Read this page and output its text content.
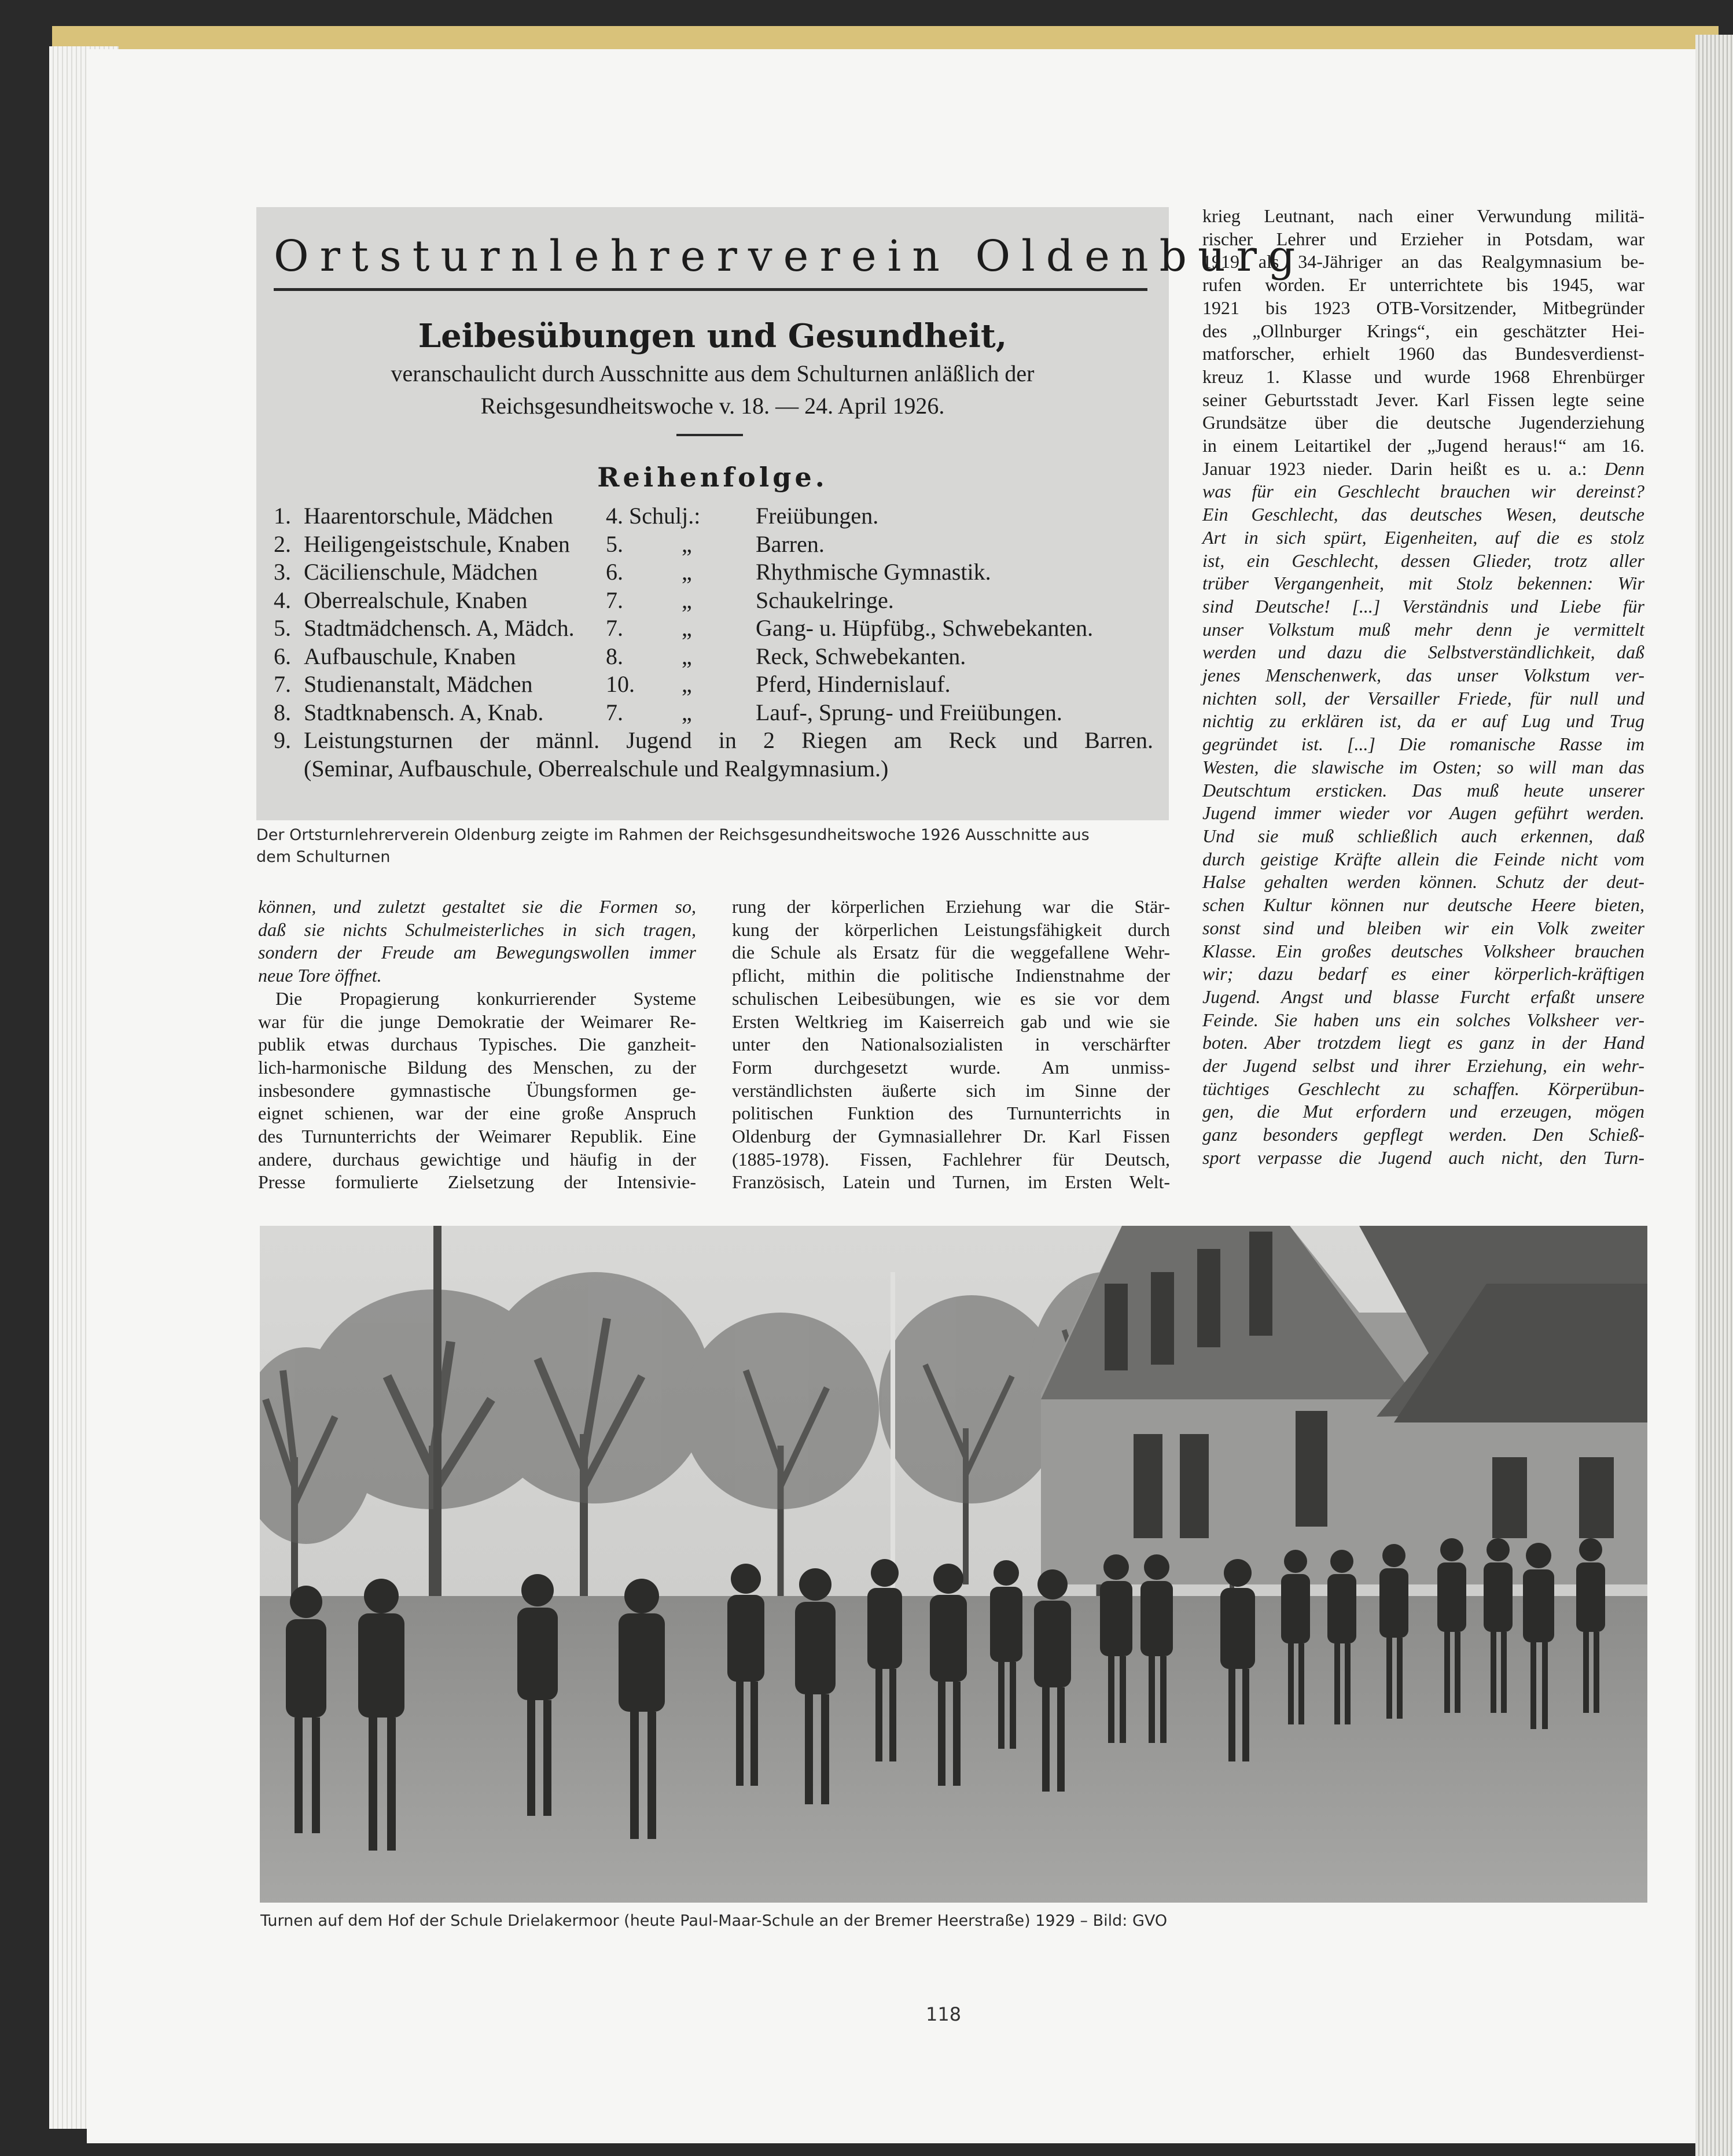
Ortsturnlehrerverein Oldenburg
Leibesübungen und Gesundheit,
veranschaulicht durch Ausschnitte aus dem Schulturnen anläßlich der
Reichsgesundheitswoche v. 18. — 24. April 1926.
Reihenfolge.
1. Haarentorschule, Mädchen 4. Schulj.: Freiübungen.
2. Heiligengeistschule, Knaben 5.	„	Barren.
3. Cäcilienschule, Mädchen	6.	„	Rhythmische Gymnastik.
4. Oberrealschule, Knaben	7.	„	Schaukelringe.
5. Stadtmädchensch. A, Mädch. 7.	„	Gang- u. Hüpfübg., Schwebekanten.
6. Aufbauschule, Knaben	8.	„	Reck, Schwebekanten.
7. Studienanstalt, Mädchen	10. „	Pferd, Hindernislauf.
8. Stadtknabensch. A, Knab.	7.	„	Lauf-, Sprung- und Freiübungen.
9. Leistungsturnen der männl. Jugend in 2 Riegen am Reck und Barren.
(Seminar, Aufbauschule, Oberrealschule und Realgymnasium.)
Der Ortsturnlehrerverein Oldenburg zeigte im Rahmen der Reichsgesundheitswoche 1926 Ausschnitte aus
dem Schulturnen

können, und zuletzt gestaltet sie die Formen so,

daß sie nichts Schulmeisterliches in sich tragen,

sondern der Freude am Bewegungswollen immer

neue Tore öffnet.

Die Propagierung konkurrierender Systeme

war für die junge Demokratie der Weimarer Re-

publik etwas durchaus Typisches. Die ganzheit-

lich-harmonische Bildung des Menschen, zu der

insbesondere gymnastische Übungsformen ge-

eignet schienen, war der eine große Anspruch

des Turnunterrichts der Weimarer Republik. Eine

andere, durchaus gewichtige und häufig in der

Presse formulierte Zielsetzung der Intensivie-

rung der körperlichen Erziehung war die Stär-

kung der körperlichen Leistungsfähigkeit durch

die Schule als Ersatz für die weggefallene Wehr-

pflicht, mithin die politische Indienstnahme der

schulischen Leibesübungen, wie es sie vor dem

Ersten Weltkrieg im Kaiserreich gab und wie sie

unter den Nationalsozialisten in verschärfter

Form durchgesetzt wurde. Am unmiss-

verständlichsten äußerte sich im Sinne der

politischen Funktion des Turnunterrichts in

Oldenburg der Gymnasiallehrer Dr. Karl Fissen

(1885-1978). Fissen, Fachlehrer für Deutsch,

Französisch, Latein und Turnen, im Ersten Welt-

krieg Leutnant, nach einer Verwundung militä-

rischer Lehrer und Erzieher in Potsdam, war

1919 als 34-Jähriger an das Realgymnasium be-

rufen worden. Er unterrichtete bis 1945, war

1921 bis 1923 OTB-Vorsitzender, Mitbegründer

des „Ollnburger Krings“, ein geschätzter Hei-

matforscher, erhielt 1960 das Bundesverdienst-

kreuz 1. Klasse und wurde 1968 Ehrenbürger

seiner Geburtsstadt Jever. Karl Fissen legte seine

Grundsätze über die deutsche Jugenderziehung

in einem Leitartikel der „Jugend heraus!“ am 16.

Januar 1923 nieder. Darin heißt es u. a.: Denn

was für ein Geschlecht brauchen wir dereinst?

Ein Geschlecht, das deutsches Wesen, deutsche

Art in sich spürt, Eigenheiten, auf die es stolz

ist, ein Geschlecht, dessen Glieder, trotz aller

trüber Vergangenheit, mit Stolz bekennen: Wir

sind Deutsche! [...] Verständnis und Liebe für

unser Volkstum muß mehr denn je vermittelt

werden und dazu die Selbstverständlichkeit, daß

jenes Menschenwerk, das unser Volkstum ver-

nichten soll, der Versailler Friede, für null und

nichtig zu erklären ist, da er auf Lug und Trug

gegründet ist. [...] Die romanische Rasse im

Westen, die slawische im Osten; so will man das

Deutschtum ersticken. Das muß heute unserer

Jugend immer wieder vor Augen geführt werden.

Und sie muß schließlich auch erkennen, daß

durch geistige Kräfte allein die Feinde nicht vom

Halse gehalten werden können. Schutz der deut-

schen Kultur können nur deutsche Heere bieten,

sonst sind und bleiben wir ein Volk zweiter

Klasse. Ein großes deutsches Volksheer brauchen

wir; dazu bedarf es einer körperlich-kräftigen

Jugend. Angst und blasse Furcht erfaßt unsere

Feinde. Sie haben uns ein solches Volksheer ver-

boten. Aber trotzdem liegt es ganz in der Hand

der Jugend selbst und ihrer Erziehung, ein wehr-

tüchtiges Geschlecht zu schaffen. Körperübun-

gen, die Mut erfordern und erzeugen, mögen

ganz besonders gepflegt werden. Den Schieß-

sport verpasse die Jugend auch nicht, den Turn-

Turnen auf dem Hof der Schule Drielakermoor (heute Paul-Maar-Schule an der Bremer Heerstraße) 1929 – Bild: GVO
118
